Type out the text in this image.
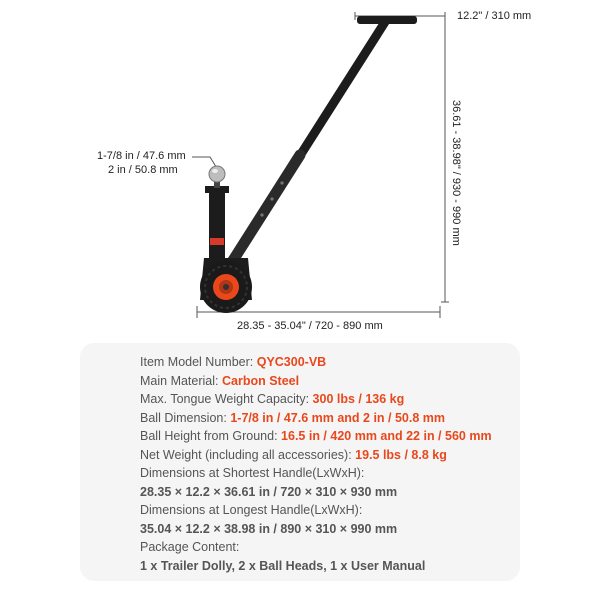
12.2" / 310 mm
36.61 - 38.98" / 930 - 990 mm
1-7/8 in / 47.6 mm
2 in / 50.8 mm
28.35 - 35.04" / 720 - 890 mm
Item Model Number: QYC300-VB
Main Material: Carbon Steel
Max. Tongue Weight Capacity: 300 lbs / 136 kg
Ball Dimension: 1-7/8 in / 47.6 mm and 2 in / 50.8 mm
Ball Height from Ground: 16.5 in / 420 mm and 22 in / 560 mm
Net Weight (including all accessories): 19.5 lbs / 8.8 kg
Dimensions at Shortest Handle(LxWxH):
28.35 × 12.2 × 36.61 in / 720 × 310 × 930 mm
Dimensions at Longest Handle(LxWxH):
35.04 × 12.2 × 38.98 in / 890 × 310 × 990 mm
Package Content:
1 x Trailer Dolly, 2 x Ball Heads, 1 x User Manual
